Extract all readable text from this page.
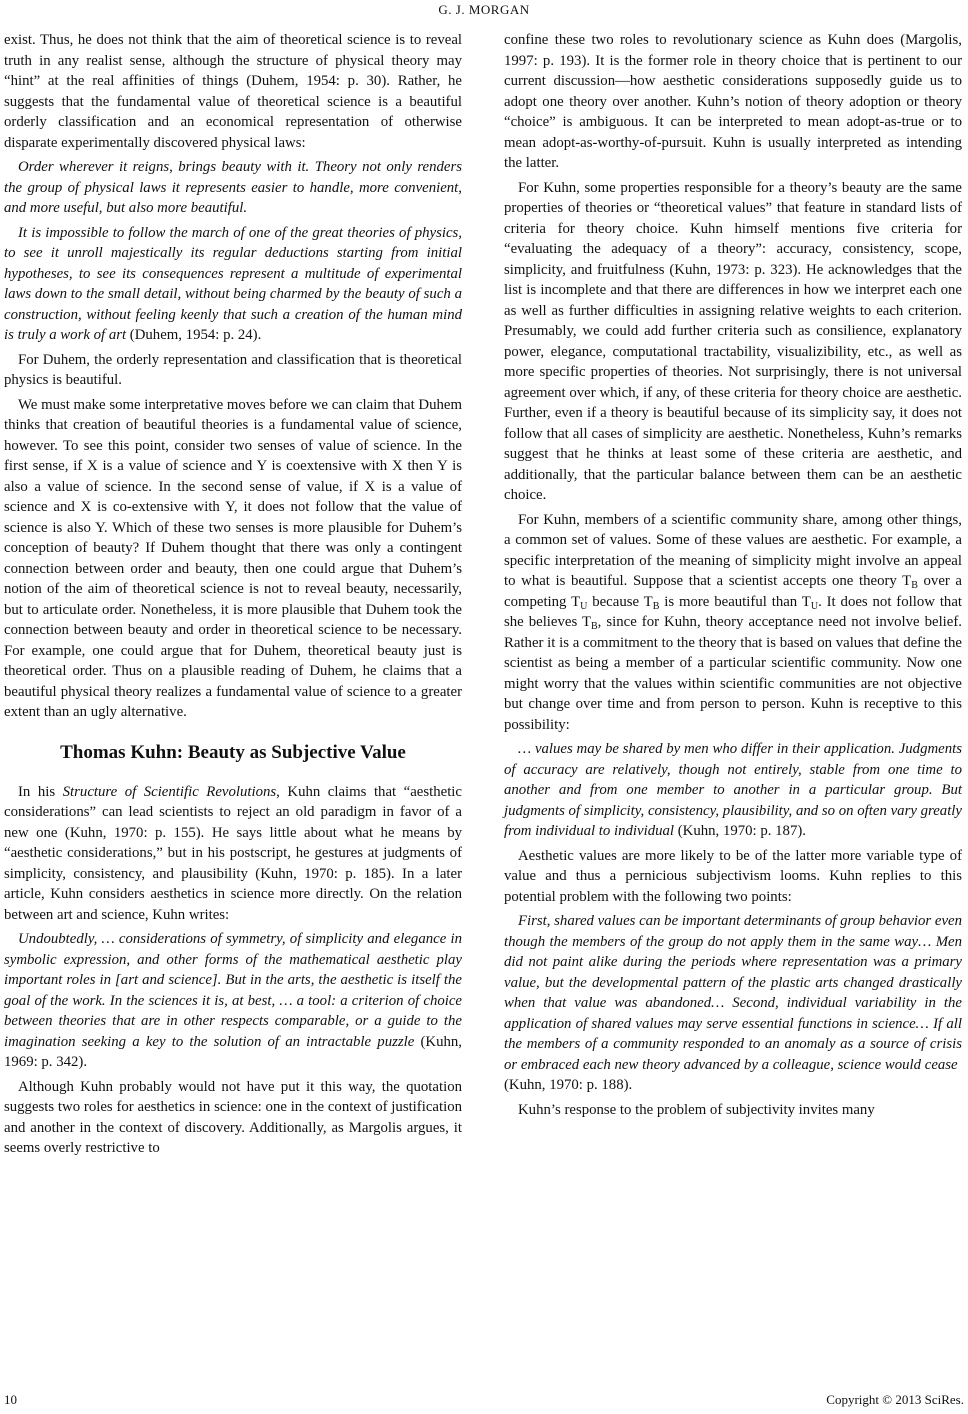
G. J. MORGAN

exist. Thus, he does not think that the aim of theoretical science is to reveal truth in any realist sense, although the structure of physical theory may “hint” at the real affinities of things (Duhem, 1954: p. 30). Rather, he suggests that the fundamental value of theoretical science is a beautiful orderly classification and an economical representation of otherwise disparate experimentally discovered physical laws:

Order wherever it reigns, brings beauty with it. Theory not only renders the group of physical laws it represents easier to handle, more convenient, and more useful, but also more beautiful.

It is impossible to follow the march of one of the great theories of physics, to see it unroll majestically its regular deductions starting from initial hypotheses, to see its consequences represent a multitude of experimental laws down to the small detail, without being charmed by the beauty of such a construction, without feeling keenly that such a creation of the human mind is truly a work of art (Duhem, 1954: p. 24).

For Duhem, the orderly representation and classification that is theoretical physics is beautiful.

We must make some interpretative moves before we can claim that Duhem thinks that creation of beautiful theories is a fundamental value of science, however. To see this point, consider two senses of value of science. In the first sense, if X is a value of science and Y is coextensive with X then Y is also a value of science. In the second sense of value, if X is a value of science and X is co-extensive with Y, it does not follow that the value of science is also Y. Which of these two senses is more plausible for Duhem’s conception of beauty? If Duhem thought that there was only a contingent connection between order and beauty, then one could argue that Duhem’s notion of the aim of theoretical science is not to reveal beauty, necessarily, but to articulate order. Nonetheless, it is more plausible that Duhem took the connection between beauty and order in theoretical science to be necessary. For example, one could argue that for Duhem, theoretical beauty just is theoretical order. Thus on a plausible reading of Duhem, he claims that a beautiful physical theory realizes a fundamental value of science to a greater extent than an ugly alternative.

Thomas Kuhn: Beauty as Subjective Value

In his Structure of Scientific Revolutions, Kuhn claims that “aesthetic considerations” can lead scientists to reject an old paradigm in favor of a new one (Kuhn, 1970: p. 155). He says little about what he means by “aesthetic considerations,” but in his postscript, he gestures at judgments of simplicity, consistency, and plausibility (Kuhn, 1970: p. 185). In a later article, Kuhn considers aesthetics in science more directly. On the relation between art and science, Kuhn writes:

Undoubtedly, … considerations of symmetry, of simplicity and elegance in symbolic expression, and other forms of the mathematical aesthetic play important roles in [art and science]. But in the arts, the aesthetic is itself the goal of the work. In the sciences it is, at best, … a tool: a criterion of choice between theories that are in other respects comparable, or a guide to the imagination seeking a key to the solution of an intractable puzzle (Kuhn, 1969: p. 342).

Although Kuhn probably would not have put it this way, the quotation suggests two roles for aesthetics in science: one in the context of justification and another in the context of discovery. Additionally, as Margolis argues, it seems overly restrictive to

confine these two roles to revolutionary science as Kuhn does (Margolis, 1997: p. 193). It is the former role in theory choice that is pertinent to our current discussion—how aesthetic considerations supposedly guide us to adopt one theory over another. Kuhn’s notion of theory adoption or theory “choice” is ambiguous. It can be interpreted to mean adopt-as-true or to mean adopt-as-worthy-of-pursuit. Kuhn is usually interpreted as intending the latter.

For Kuhn, some properties responsible for a theory’s beauty are the same properties of theories or “theoretical values” that feature in standard lists of criteria for theory choice. Kuhn himself mentions five criteria for “evaluating the adequacy of a theory”: accuracy, consistency, scope, simplicity, and fruitfulness (Kuhn, 1973: p. 323). He acknowledges that the list is incomplete and that there are differences in how we interpret each one as well as further difficulties in assigning relative weights to each criterion. Presumably, we could add further criteria such as consilience, explanatory power, elegance, computational tractability, visualizibility, etc., as well as more specific properties of theories. Not surprisingly, there is not universal agreement over which, if any, of these criteria for theory choice are aesthetic. Further, even if a theory is beautiful because of its simplicity say, it does not follow that all cases of simplicity are aesthetic. Nonetheless, Kuhn’s remarks suggest that he thinks at least some of these criteria are aesthetic, and additionally, that the particular balance between them can be an aesthetic choice.

For Kuhn, members of a scientific community share, among other things, a common set of values. Some of these values are aesthetic. For example, a specific interpretation of the meaning of simplicity might involve an appeal to what is beautiful. Suppose that a scientist accepts one theory $T_B$ over a competing $T_U$ because $T_B$ is more beautiful than $T_U$. It does not follow that she believes $T_B$, since for Kuhn, theory acceptance need not involve belief. Rather it is a commitment to the theory that is based on values that define the scientist as being a member of a particular scientific community. Now one might worry that the values within scientific communities are not objective but change over time and from person to person. Kuhn is receptive to this possibility:

… values may be shared by men who differ in their application. Judgments of accuracy are relatively, though not entirely, stable from one time to another and from one member to another in a particular group. But judgments of simplicity, consistency, plausibility, and so on often vary greatly from individual to individual (Kuhn, 1970: p. 187).

Aesthetic values are more likely to be of the latter more variable type of value and thus a pernicious subjectivism looms. Kuhn replies to this potential problem with the following two points:

First, shared values can be important determinants of group behavior even though the members of the group do not apply them in the same way… Men did not paint alike during the periods where representation was a primary value, but the developmental pattern of the plastic arts changed drastically when that value was abandoned… Second, individual variability in the application of shared values may serve essential functions in science… If all the members of a community responded to an anomaly as a source of crisis or embraced each new theory advanced by a colleague, science would cease
(Kuhn, 1970: p. 188).

Kuhn’s response to the problem of subjectivity invites many

10	Copyright © 2013 SciRes.
